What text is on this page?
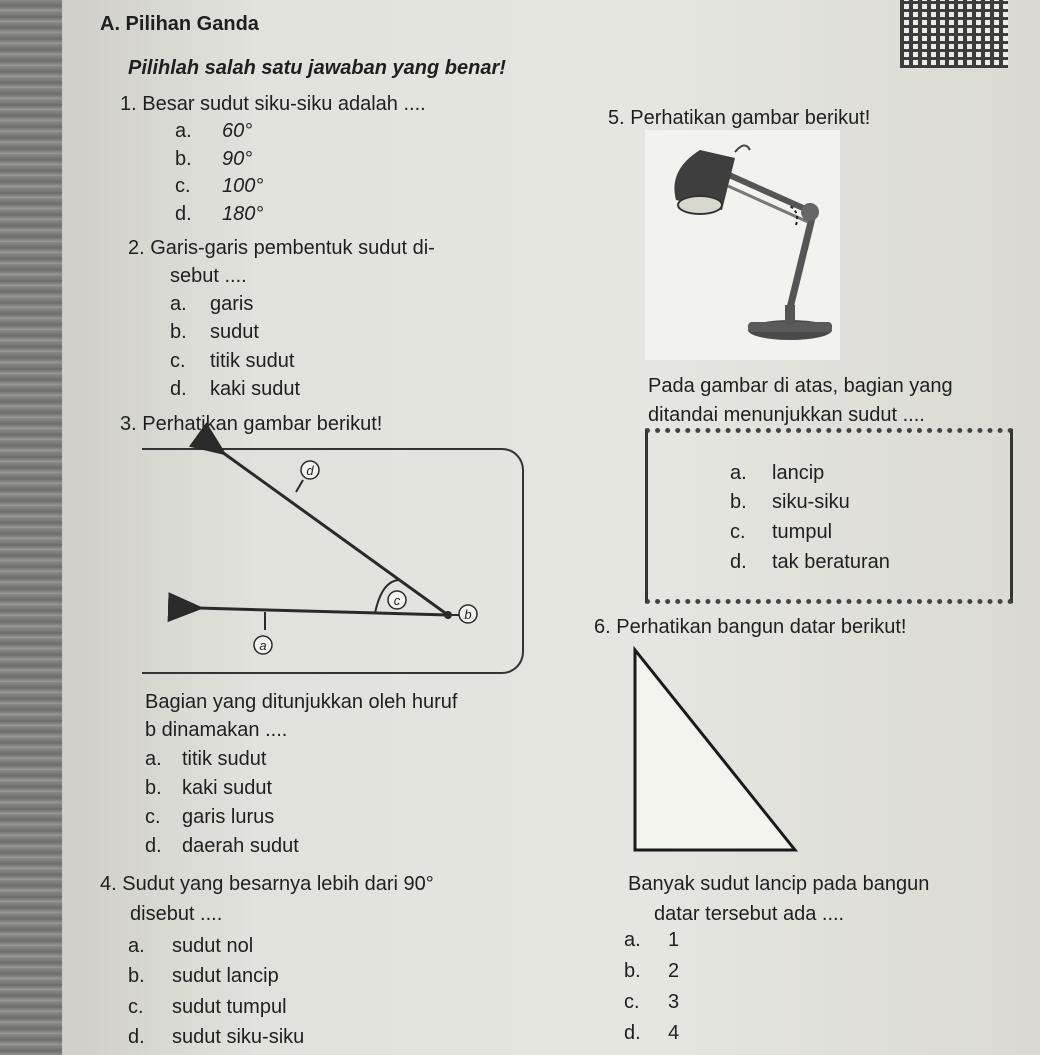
A. Pilihan Ganda
Pilihlah salah satu jawaban yang benar!
1. Besar sudut siku-siku adalah ....
a. 60°
b. 90°
c. 100°
d. 180°
2. Garis-garis pembentuk sudut di-
sebut ....
a. garis
b. sudut
c. titik sudut
d. kaki sudut
3. Perhatikan gambar berikut!
d
c
b
a
Bagian yang ditunjukkan oleh huruf
b dinamakan ....
a. titik sudut
b. kaki sudut
c. garis lurus
d. daerah sudut
4. Sudut yang besarnya lebih dari 90°
disebut ....
a. sudut nol
b. sudut lancip
c. sudut tumpul
d. sudut siku-siku
5. Perhatikan gambar berikut!
Pada gambar di atas, bagian yang
ditandai menunjukkan sudut ....
a. lancip
b. siku-siku
c. tumpul
d. tak beraturan
6. Perhatikan bangun datar berikut!
Banyak sudut lancip pada bangun
datar tersebut ada ....
a. 1
b. 2
c. 3
d. 4
